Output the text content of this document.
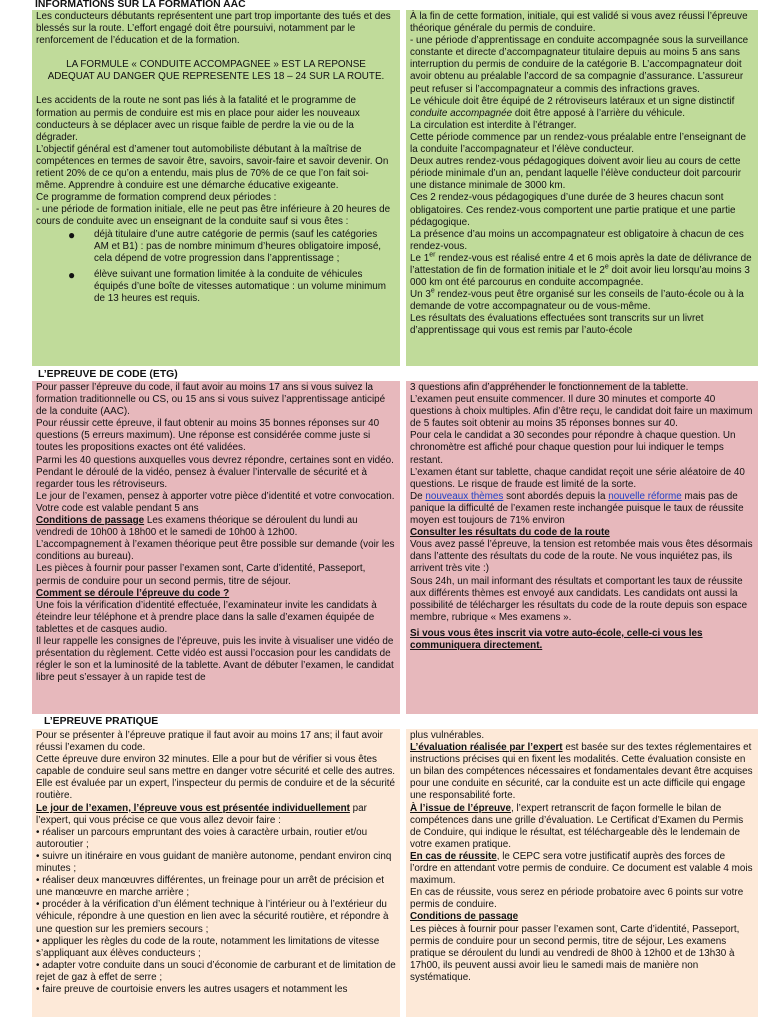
INFORMATIONS SUR LA FORMATION AAC

Les conducteurs débutants représentent une part trop importante des tués et des blessés sur la route. L’effort engagé doit être poursuivi, notamment par le renforcement de l’éducation et de la formation.

LA FORMULE « CONDUITE ACCOMPAGNEE » EST LA REPONSE ADEQUAT AU DANGER QUE REPRESENTE LES 18 – 24 SUR LA ROUTE.

Les accidents de la route ne sont pas liés à la fatalité et le programme de formation au permis de conduire est mis en place pour aider les nouveaux conducteurs à se déplacer avec un risque faible de perdre la vie ou de la dégrader.

L’objectif général est d’amener tout automobiliste débutant à la maîtrise de compétences en termes de savoir être, savoirs, savoir-faire et savoir devenir. On retient 20% de ce qu’on a entendu, mais plus de 70% de ce que l’on fait soi-même. Apprendre à conduire est une démarche éducative exigeante.

Ce programme de formation comprend deux périodes :

- une période de formation initiale, elle ne peut pas être inférieure à 20 heures de cours de conduite avec un enseignant de la conduite sauf si vous êtes :

● déjà titulaire d’une autre catégorie de permis (sauf les catégories AM et B1) : pas de nombre minimum d’heures obligatoire imposé, cela dépend de votre progression dans l’apprentissage ;
● élève suivant une formation limitée à la conduite de véhicules équipés d’une boîte de vitesses automatique : un volume minimum de 13 heures est requis.

À la fin de cette formation, initiale, qui est validé si vous avez réussi l’épreuve théorique générale du permis de conduire.

- une période d’apprentissage en conduite accompagnée sous la surveillance constante et directe d’accompagnateur titulaire depuis au moins 5 ans sans interruption du permis de conduire de la catégorie B. L’accompagnateur doit avoir obtenu au préalable l’accord de sa compagnie d’assurance. L’assureur peut refuser si l’accompagnateur a commis des infractions graves.

Le véhicule doit être équipé de 2 rétroviseurs latéraux et un signe distinctif conduite accompagnée doit être apposé à l’arrière du véhicule.

La circulation est interdite à l’étranger.

Cette période commence par un rendez-vous préalable entre l’enseignant de la conduite l’accompagnateur et l’élève conducteur.

Deux autres rendez-vous pédagogiques doivent avoir lieu au cours de cette période minimale d’un an, pendant laquelle l’élève conducteur doit parcourir une distance minimale de 3000 km.

Ces 2 rendez-vous pédagogiques d’une durée de 3 heures chacun sont obligatoires. Ces rendez-vous comportent une partie pratique et une partie pédagogique.

La présence d’au moins un accompagnateur est obligatoire à chacun de ces rendez-vous.

Le 1er rendez-vous est réalisé entre 4 et 6 mois après la date de délivrance de l’attestation de fin de formation initiale et le 2e doit avoir lieu lorsqu’au moins 3 000 km ont été parcourus en conduite accompagnée.

Un 3e rendez-vous peut être organisé sur les conseils de l’auto-école ou à la demande de votre accompagnateur ou de vous-même.

Les résultats des évaluations effectuées sont transcrits sur un livret d’apprentissage qui vous est remis par l’auto-école

L’EPREUVE DE CODE (ETG)

Pour passer l’épreuve du code, il faut avoir au moins 17 ans si vous suivez la formation traditionnelle ou CS, ou 15 ans si vous suivez l’apprentissage anticipé de la conduite (AAC).

Pour réussir cette épreuve, il faut obtenir au moins 35 bonnes réponses sur 40 questions (5 erreurs maximum). Une réponse est considérée comme juste si toutes les propositions exactes ont été validées.

Parmi les 40 questions auxquelles vous devrez répondre, certaines sont en vidéo. Pendant le déroulé de la vidéo, pensez à évaluer l’intervalle de sécurité et à regarder tous les rétroviseurs.

Le jour de l’examen, pensez à apporter votre pièce d’identité et votre convocation.

Votre code est valable pendant 5 ans

Conditions de passage Les examens théorique se déroulent du lundi au vendredi de 10h00 à 18h00 et le samedi de 10h00 à 12h00.

L’accompagnement à l’examen théorique peut être possible sur demande (voir les conditions au bureau).

Les pièces à fournir pour passer l’examen sont, Carte d’identité, Passeport, permis de conduire pour un second permis, titre de séjour.

Comment se déroule l’épreuve du code ?

Une fois la vérification d’identité effectuée, l’examinateur invite les candidats à éteindre leur téléphone et à prendre place dans la salle d’examen équipée de tablettes et de casques audio.

Il leur rappelle les consignes de l’épreuve, puis les invite à visualiser une vidéo de présentation du règlement. Cette vidéo est aussi l’occasion pour les candidats de régler le son et la luminosité de la tablette. Avant de débuter l’examen, le candidat libre peut s’essayer à un rapide test de

3 questions afin d’appréhender le fonctionnement de la tablette.

L’examen peut ensuite commencer. Il dure 30 minutes et comporte 40 questions à choix multiples. Afin d’être reçu, le candidat doit faire un maximum de 5 fautes soit obtenir au moins 35 réponses bonnes sur 40.

Pour cela le candidat a 30 secondes pour répondre à chaque question. Un chronomètre est affiché pour chaque question pour lui indiquer le temps restant.

L’examen étant sur tablette, chaque candidat reçoit une série aléatoire de 40 questions. Le risque de fraude est limité de la sorte.

De nouveaux thèmes sont abordés depuis la nouvelle réforme mais pas de panique la difficulté de l’examen reste inchangée puisque le taux de réussite moyen est toujours de 71% environ

Consulter les résultats du code de la route

Vous avez passé l’épreuve, la tension est retombée mais vous êtes désormais dans l’attente des résultats du code de la route. Ne vous inquiétez pas, ils arrivent très vite :)

Sous 24h, un mail informant des résultats et comportant les taux de réussite aux différents thèmes est envoyé aux candidats. Les candidats ont aussi la possibilité de télécharger les résultats du code de la route depuis son espace membre, rubrique « Mes examens ».

Si vous vous êtes inscrit via votre auto-école, celle-ci vous les communiquera directement.

L’EPREUVE PRATIQUE

Pour se présenter à l’épreuve pratique il faut avoir au moins 17 ans; il faut avoir réussi l’examen du code.

Cette épreuve dure environ 32 minutes. Elle a pour but de vérifier si vous êtes capable de conduire seul sans mettre en danger votre sécurité et celle des autres. Elle est évaluée par un expert, l’inspecteur du permis de conduire et de la sécurité routière.

Le jour de l’examen, l’épreuve vous est présentée individuellement par l’expert, qui vous précise ce que vous allez devoir faire :

• réaliser un parcours empruntant des voies à caractère urbain, routier et/ou autoroutier ;

• suivre un itinéraire en vous guidant de manière autonome, pendant environ cinq minutes ;

• réaliser deux manœuvres différentes, un freinage pour un arrêt de précision et une manœuvre en marche arrière ;

• procéder à la vérification d’un élément technique à l’intérieur ou à l’extérieur du véhicule, répondre à une question en lien avec la sécurité routière, et répondre à une question sur les premiers secours ;

• appliquer les règles du code de la route, notamment les limitations de vitesse s’appliquant aux élèves conducteurs ;

• adapter votre conduite dans un souci d’économie de carburant et de limitation de rejet de gaz à effet de serre ;

• faire preuve de courtoisie envers les autres usagers et notamment les

plus vulnérables.

L’évaluation réalisée par l’expert est basée sur des textes réglementaires et instructions précises qui en fixent les modalités. Cette évaluation consiste en un bilan des compétences nécessaires et fondamentales devant être acquises pour une conduite en sécurité, car la conduite est un acte difficile qui engage une responsabilité forte.

À l’issue de l’épreuve, l’expert retranscrit de façon formelle le bilan de compétences dans une grille d’évaluation. Le Certificat d’Examen du Permis de Conduire, qui indique le résultat, est téléchargeable dès le lendemain de votre examen pratique.

En cas de réussite, le CEPC sera votre justificatif auprès des forces de l’ordre en attendant votre permis de conduire. Ce document est valable 4 mois maximum.

En cas de réussite, vous serez en période probatoire avec 6 points sur votre permis de conduire.

Conditions de passage

Les pièces à fournir pour passer l’examen sont, Carte d’identité, Passeport, permis de conduire pour un second permis, titre de séjour, Les examens pratique se déroulent du lundi au vendredi de 8h00 à 12h00 et de 13h30 à 17h00, ils peuvent aussi avoir lieu le samedi mais de manière non systématique.
